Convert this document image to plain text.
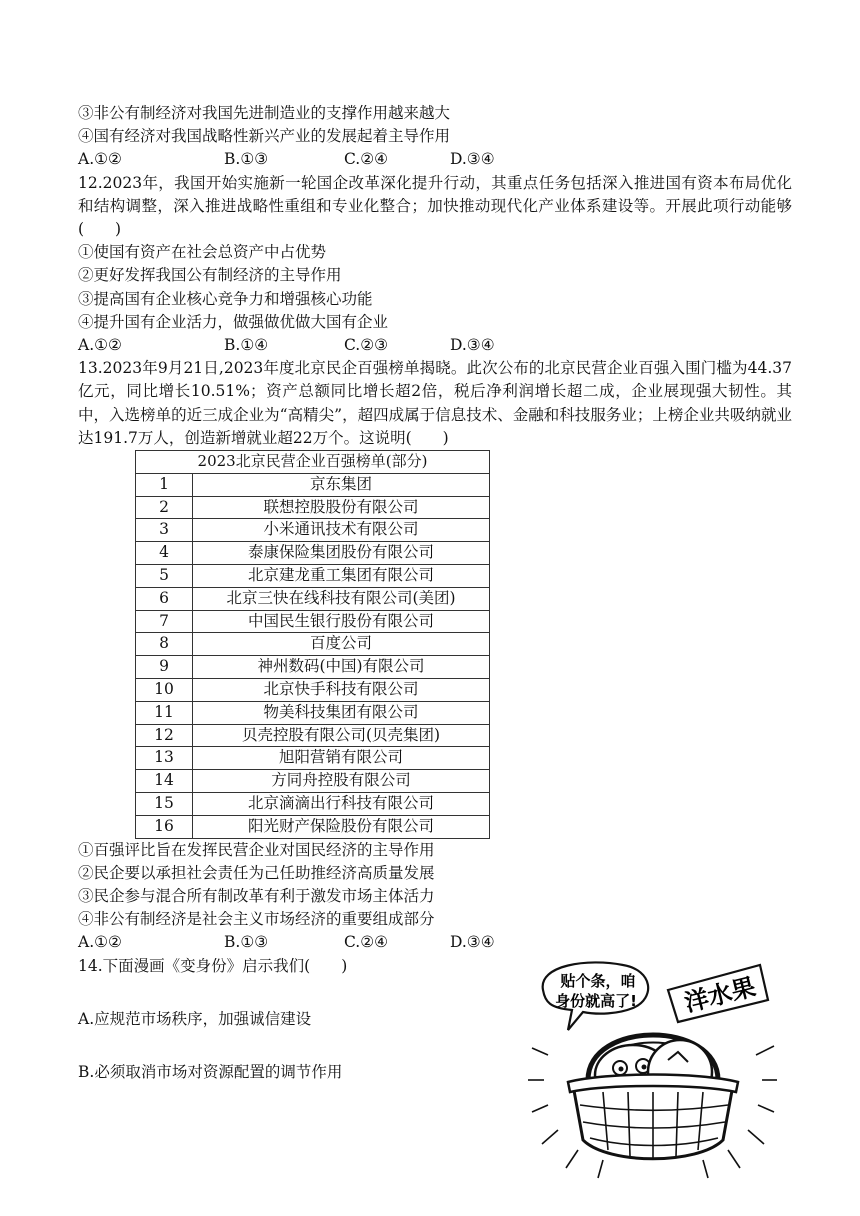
③非公有制经济对我国先进制造业的支撑作用越来越大
④国有经济对我国战略性新兴产业的发展起着主导作用
A.①②	B.①③	C.②④	D.③④
12.2023年，我国开始实施新一轮国企改革深化提升行动，其重点任务包括深入推进国有资本布局优化和结构调整，深入推进战略性重组和专业化整合；加快推动现代化产业体系建设等。开展此项行动能够(　　)
①使国有资产在社会总资产中占优势
②更好发挥我国公有制经济的主导作用
③提高国有企业核心竞争力和增强核心功能
④提升国有企业活力，做强做优做大国有企业
A.①②	B.①④	C.②③	D.③④
13.2023年9月21日,2023年度北京民企百强榜单揭晓。此次公布的北京民营企业百强入围门槛为44.37亿元，同比增长10.51%；资产总额同比增长超2倍，税后净利润增长超二成，企业展现强大韧性。其中，入选榜单的近三成企业为“高精尖”，超四成属于信息技术、金融和科技服务业；上榜企业共吸纳就业达191.7万人，创造新增就业超22万个。这说明(　　)
2023北京民营企业百强榜单(部分)	
1	京东集团
2	联想控股股份有限公司
3	小米通讯技术有限公司
4	泰康保险集团股份有限公司
5	北京建龙重工集团有限公司
6	北京三快在线科技有限公司(美团)
7	中国民生银行股份有限公司
8	百度公司
9	神州数码(中国)有限公司
10	北京快手科技有限公司
11	物美科技集团有限公司
12	贝壳控股有限公司(贝壳集团)
13	旭阳营销有限公司
14	方同舟控股有限公司
15	北京滴滴出行科技有限公司
16	阳光财产保险股份有限公司
①百强评比旨在发挥民营企业对国民经济的主导作用
②民企要以承担社会责任为己任助推经济高质量发展
③民企参与混合所有制改革有利于激发市场主体活力
④非公有制经济是社会主义市场经济的重要组成部分
A.①②	B.①③	C.②④	D.③④
14.下面漫画《变身份》启示我们(　　)
A.应规范市场秩序，加强诚信建设
B.必须取消市场对资源配置的调节作用
贴个条，咱
身份就高了! 洋水果
